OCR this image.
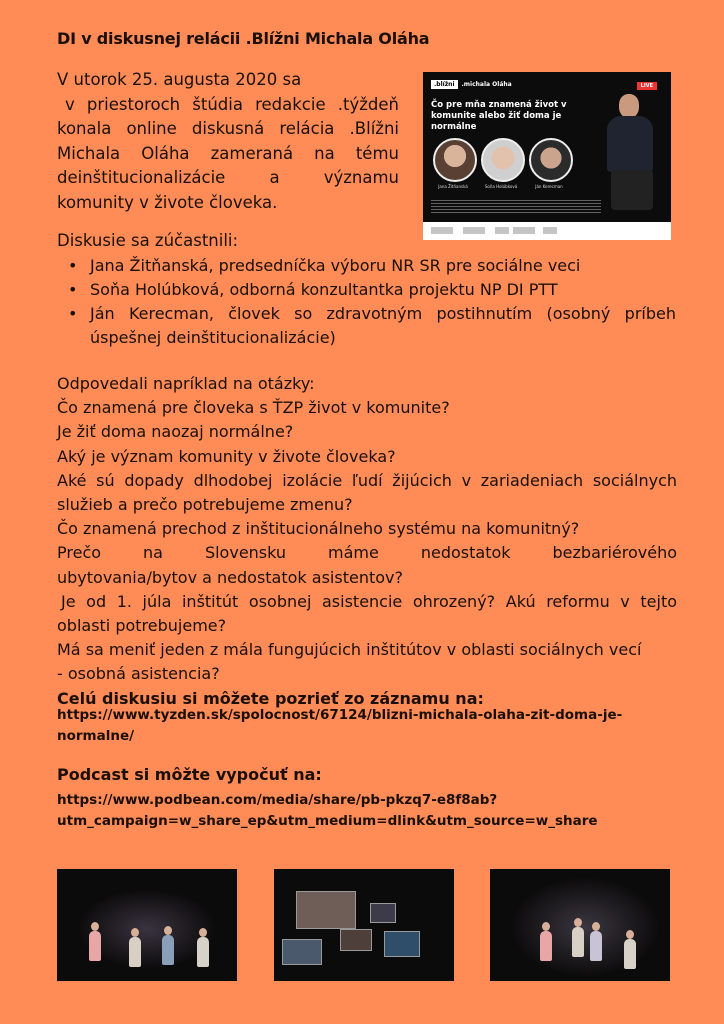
DI v diskusnej relácii .Blížni Michala Oláha
V utorok 25. augusta 2020 sa
v priestoroch štúdia redakcie .týždeň
konala online diskusná relácia .Blížni
Michala Oláha zameraná na tému
deinštitucionalizácie a významu
komunity v živote človeka.
.blížni .michala Oláha	LIVE
Čo pre mňa znamená život v komunite alebo žiť doma je normálne
Jana Žitňanská	Soňa Holúbková	Ján Kerecman
Diskusie sa zúčastnili:
• Jana Žitňanská, predsedníčka výboru NR SR pre sociálne veci
• Soňa Holúbková, odborná konzultantka projektu NP DI PTT
• Ján Kerecman, človek so zdravotným postihnutím (osobný príbeh úspešnej deinštitucionalizácie)
Odpovedali napríklad na otázky:
Čo znamená pre človeka s ŤZP život v komunite?
Je žiť doma naozaj normálne?
Aký je význam komunity v živote človeka?
Aké sú dopady dlhodobej izolácie ľudí žijúcich v zariadeniach sociálnych
služieb a prečo potrebujeme zmenu?
Čo znamená prechod z inštitucionálneho systému na komunitný?
Prečo na Slovensku máme nedostatok bezbariérového
ubytovania/bytov a nedostatok asistentov?
Je od 1. júla inštitút osobnej asistencie ohrozený? Akú reformu v tejto
oblasti potrebujeme?
Má sa meniť jeden z mála fungujúcich inštitútov v oblasti sociálnych vecí
- osobná asistencia?
Celú diskusiu si môžete pozrieť zo záznamu na:
https://www.tyzden.sk/spolocnost/67124/blizni-michala-olaha-zit-doma-je-
normalne/
Podcast si môžte vypočuť na:
https://www.podbean.com/media/share/pb-pkzq7-e8f8ab?
utm_campaign=w_share_ep&utm_medium=dlink&utm_source=w_share
